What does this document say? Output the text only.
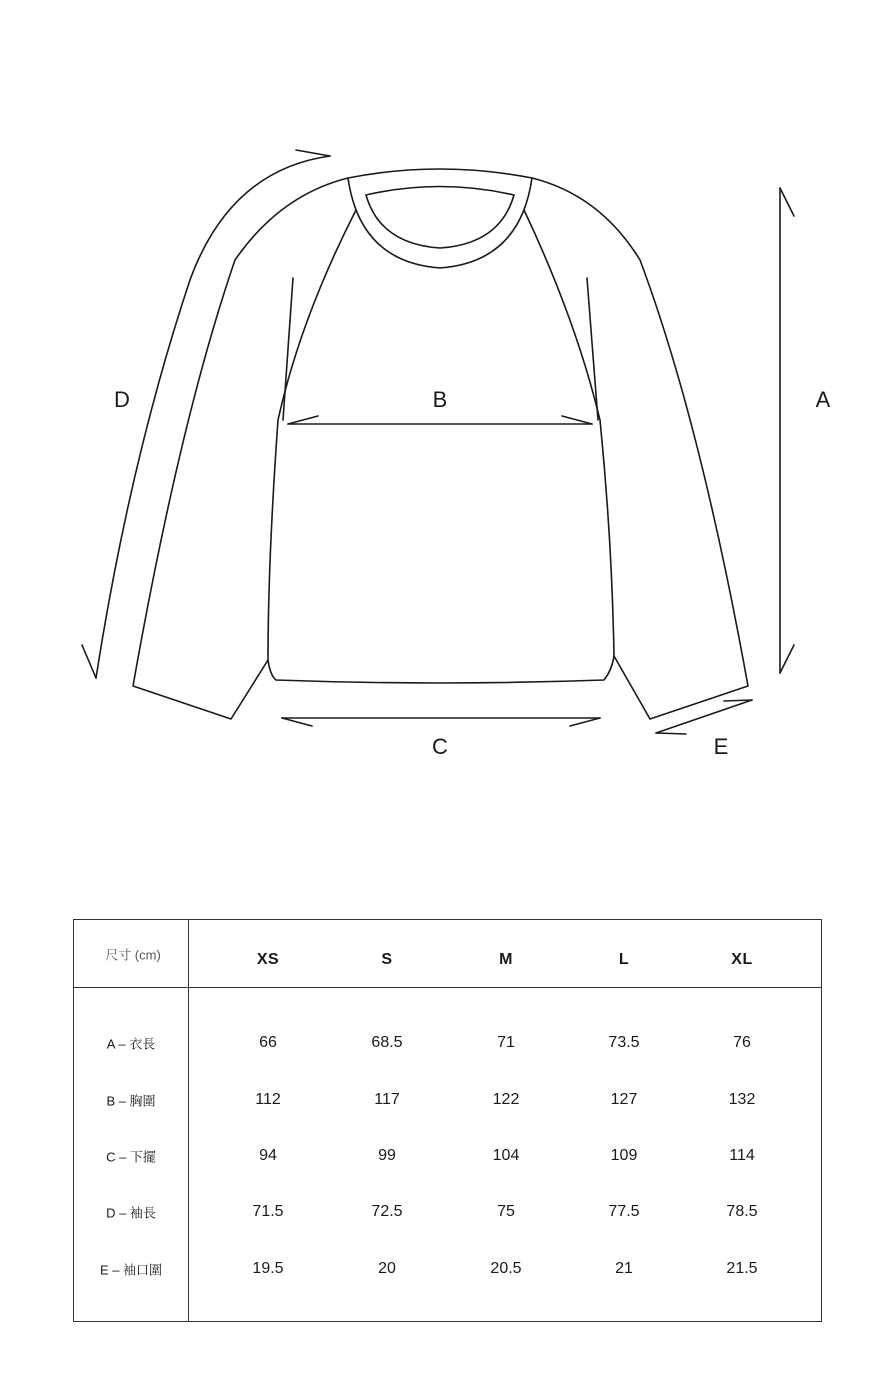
B
C
A
D
E
尺寸 (cm)	XS	S	M	L	XL
A – 衣長	66	68.5	71	73.5	76
B – 胸圍	112	117	122	127	132
C – 下擺	94	99	104	109	114
D – 袖長	71.5	72.5	75	77.5	78.5
E – 袖口圍	19.5	20	20.5	21	21.5
